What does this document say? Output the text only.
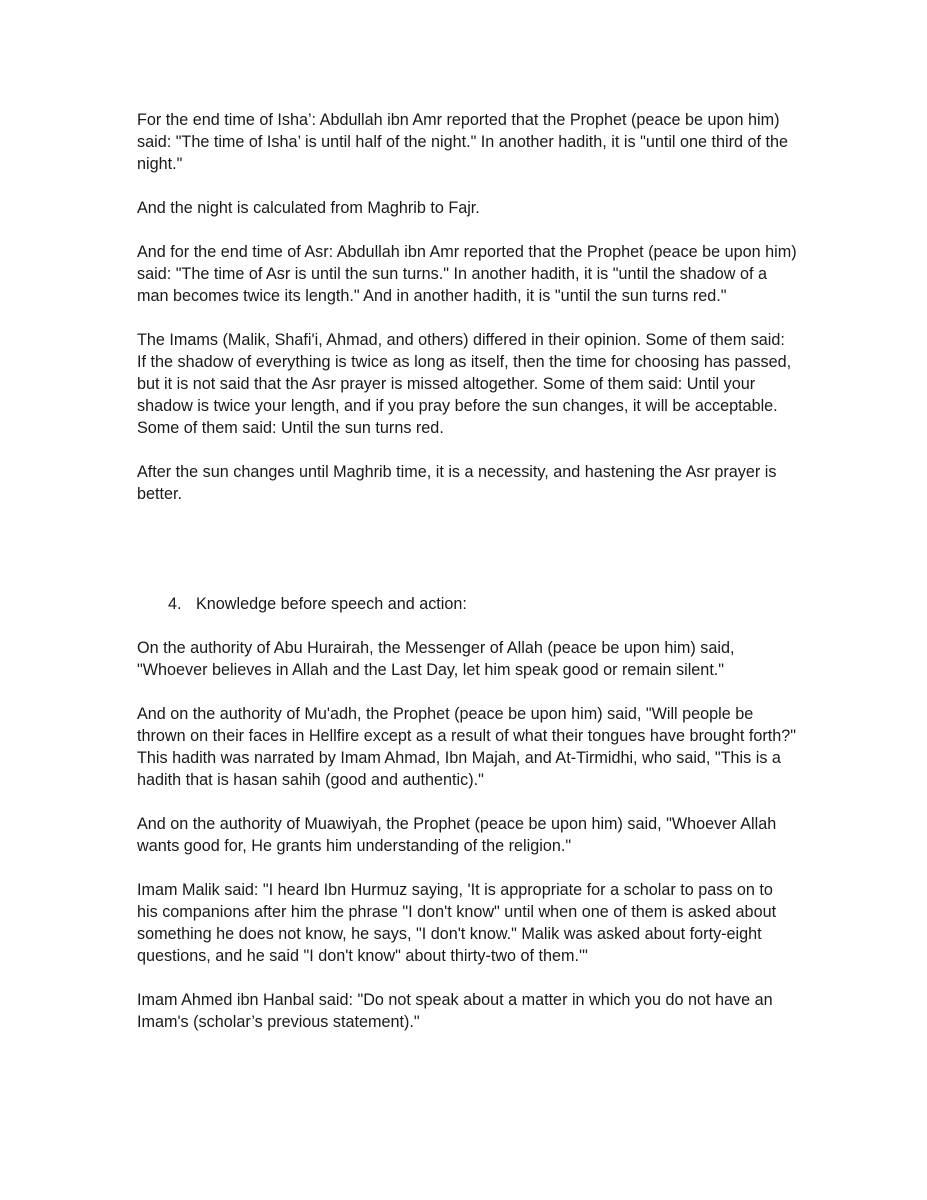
For the end time of Isha’: Abdullah ibn Amr reported that the Prophet (peace be upon him) said: "The time of Isha’ is until half of the night." In another hadith, it is "until one third of the night."

And the night is calculated from Maghrib to Fajr.

And for the end time of Asr: Abdullah ibn Amr reported that the Prophet (peace be upon him) said: "The time of Asr is until the sun turns." In another hadith, it is "until the shadow of a man becomes twice its length." And in another hadith, it is "until the sun turns red."

The Imams (Malik, Shafi'i, Ahmad, and others) differed in their opinion. Some of them said: If the shadow of everything is twice as long as itself, then the time for choosing has passed, but it is not said that the Asr prayer is missed altogether. Some of them said: Until your shadow is twice your length, and if you pray before the sun changes, it will be acceptable. Some of them said: Until the sun turns red.

After the sun changes until Maghrib time, it is a necessity, and hastening the Asr prayer is better.

4. Knowledge before speech and action:

On the authority of Abu Hurairah, the Messenger of Allah (peace be upon him) said, "Whoever believes in Allah and the Last Day, let him speak good or remain silent."

And on the authority of Mu'adh, the Prophet (peace be upon him) said, "Will people be thrown on their faces in Hellfire except as a result of what their tongues have brought forth?" This hadith was narrated by Imam Ahmad, Ibn Majah, and At-Tirmidhi, who said, "This is a hadith that is hasan sahih (good and authentic)."

And on the authority of Muawiyah, the Prophet (peace be upon him) said, "Whoever Allah wants good for, He grants him understanding of the religion."

Imam Malik said: "I heard Ibn Hurmuz saying, 'It is appropriate for a scholar to pass on to his companions after him the phrase "I don't know" until when one of them is asked about something he does not know, he says, "I don't know." Malik was asked about forty-eight questions, and he said "I don't know" about thirty-two of them.'"

Imam Ahmed ibn Hanbal said: "Do not speak about a matter in which you do not have an Imam's (scholar’s previous statement)."
